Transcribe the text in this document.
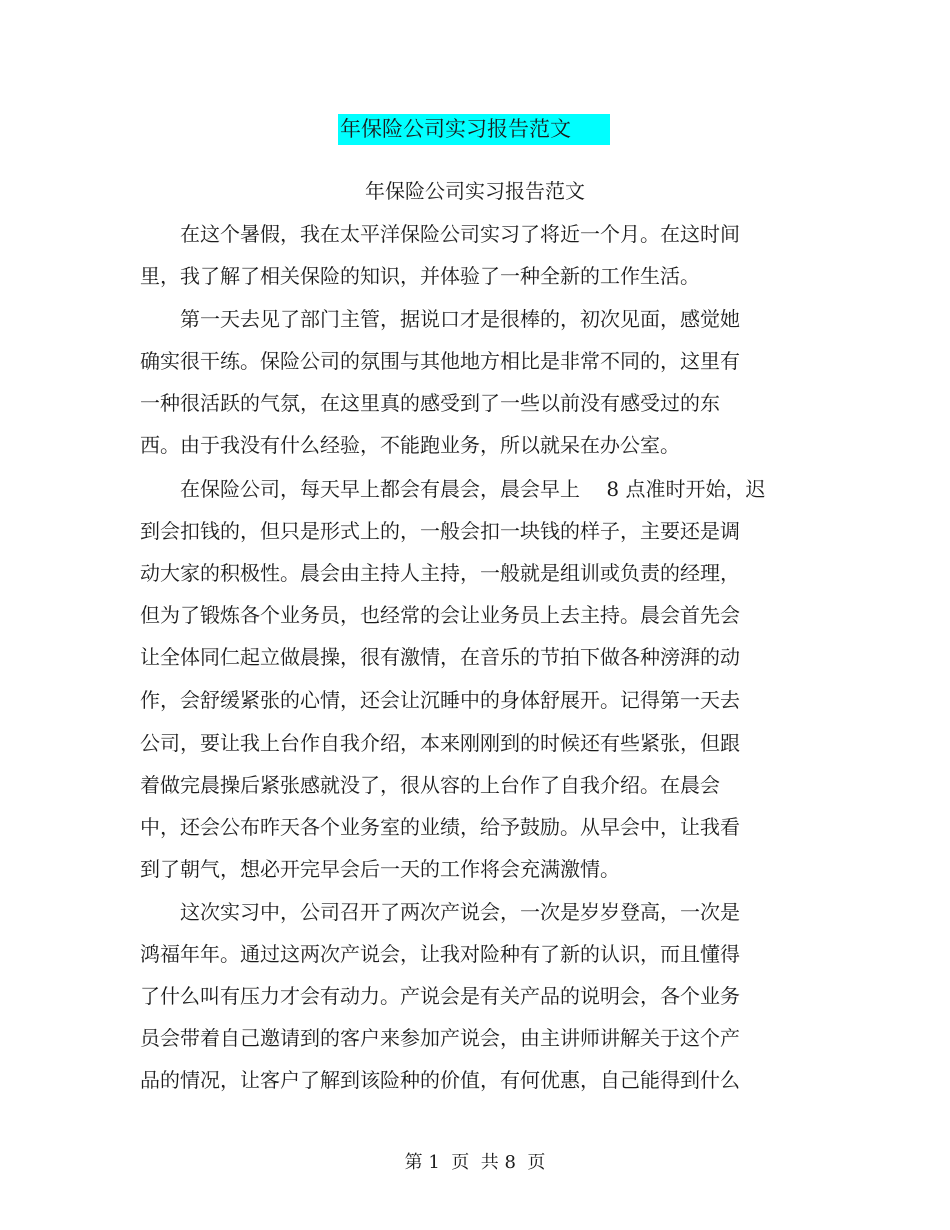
年保险公司实习报告范文
年保险公司实习报告范文
　　在这个暑假，我在太平洋保险公司实习了将近一个月。在这时间
里，我了解了相关保险的知识，并体验了一种全新的工作生活。
　　第一天去见了部门主管，据说口才是很棒的，初次见面，感觉她
确实很干练。保险公司的氛围与其他地方相比是非常不同的，这里有
一种很活跃的气氛，在这里真的感受到了一些以前没有感受过的东
西。由于我没有什么经验，不能跑业务，所以就呆在办公室。
　　在保险公司，每天早上都会有晨会，晨会早上　 8 点准时开始，迟
到会扣钱的，但只是形式上的，一般会扣一块钱的样子，主要还是调
动大家的积极性。晨会由主持人主持，一般就是组训或负责的经理，
但为了锻炼各个业务员，也经常的会让业务员上去主持。晨会首先会
让全体同仁起立做晨操，很有激情，在音乐的节拍下做各种滂湃的动
作，会舒缓紧张的心情，还会让沉睡中的身体舒展开。记得第一天去
公司，要让我上台作自我介绍，本来刚刚到的时候还有些紧张，但跟
着做完晨操后紧张感就没了，很从容的上台作了自我介绍。在晨会
中，还会公布昨天各个业务室的业绩，给予鼓励。从早会中，让我看
到了朝气，想必开完早会后一天的工作将会充满激情。
　　这次实习中，公司召开了两次产说会，一次是岁岁登高，一次是
鸿福年年。通过这两次产说会，让我对险种有了新的认识，而且懂得
了什么叫有压力才会有动力。产说会是有关产品的说明会，各个业务
员会带着自己邀请到的客户来参加产说会，由主讲师讲解关于这个产
品的情况，让客户了解到该险种的价值，有何优惠，自己能得到什么
第 1  页  共 8  页
